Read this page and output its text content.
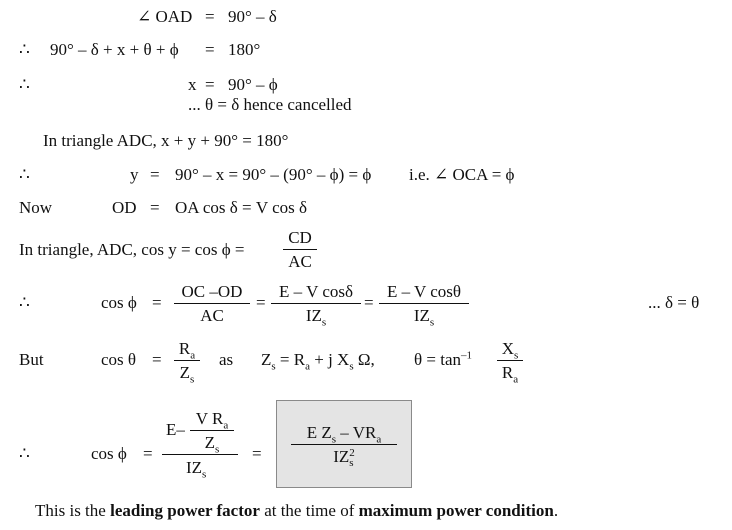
∠ OAD = 90° – δ
∴ 90° – δ + x + θ + ϕ = 180°
∴	x = 90° – ϕ
... θ = δ hence cancelled
In triangle ADC, x + y + 90° = 180°
∴	y = 90° – x = 90° – (90° – ϕ) = ϕ i.e. ∠ OCA = ϕ
Now	OD = OA cos δ = V cos δ
In triangle, ADC, cos y = cos ϕ =
CD
AC
∴	cos ϕ =
OC –OD
AC
=
E – V cosδ
$IZ_s$
=
E – V cosθ
$IZ_s$
... δ = θ
But	cos θ =
$R_a$
$Z_s$
as $Z_s = R_a + j$ $X_s$ Ω, $\theta = \tan^{-1} X_s$
$R_a$
∴	cos ϕ =
E–
V $R_a$
$Z_s$
$IZ_s$
=
E $Z_s - VR_a$
IZ 2
s
This is the leading power factor at the time of maximum power condition.
